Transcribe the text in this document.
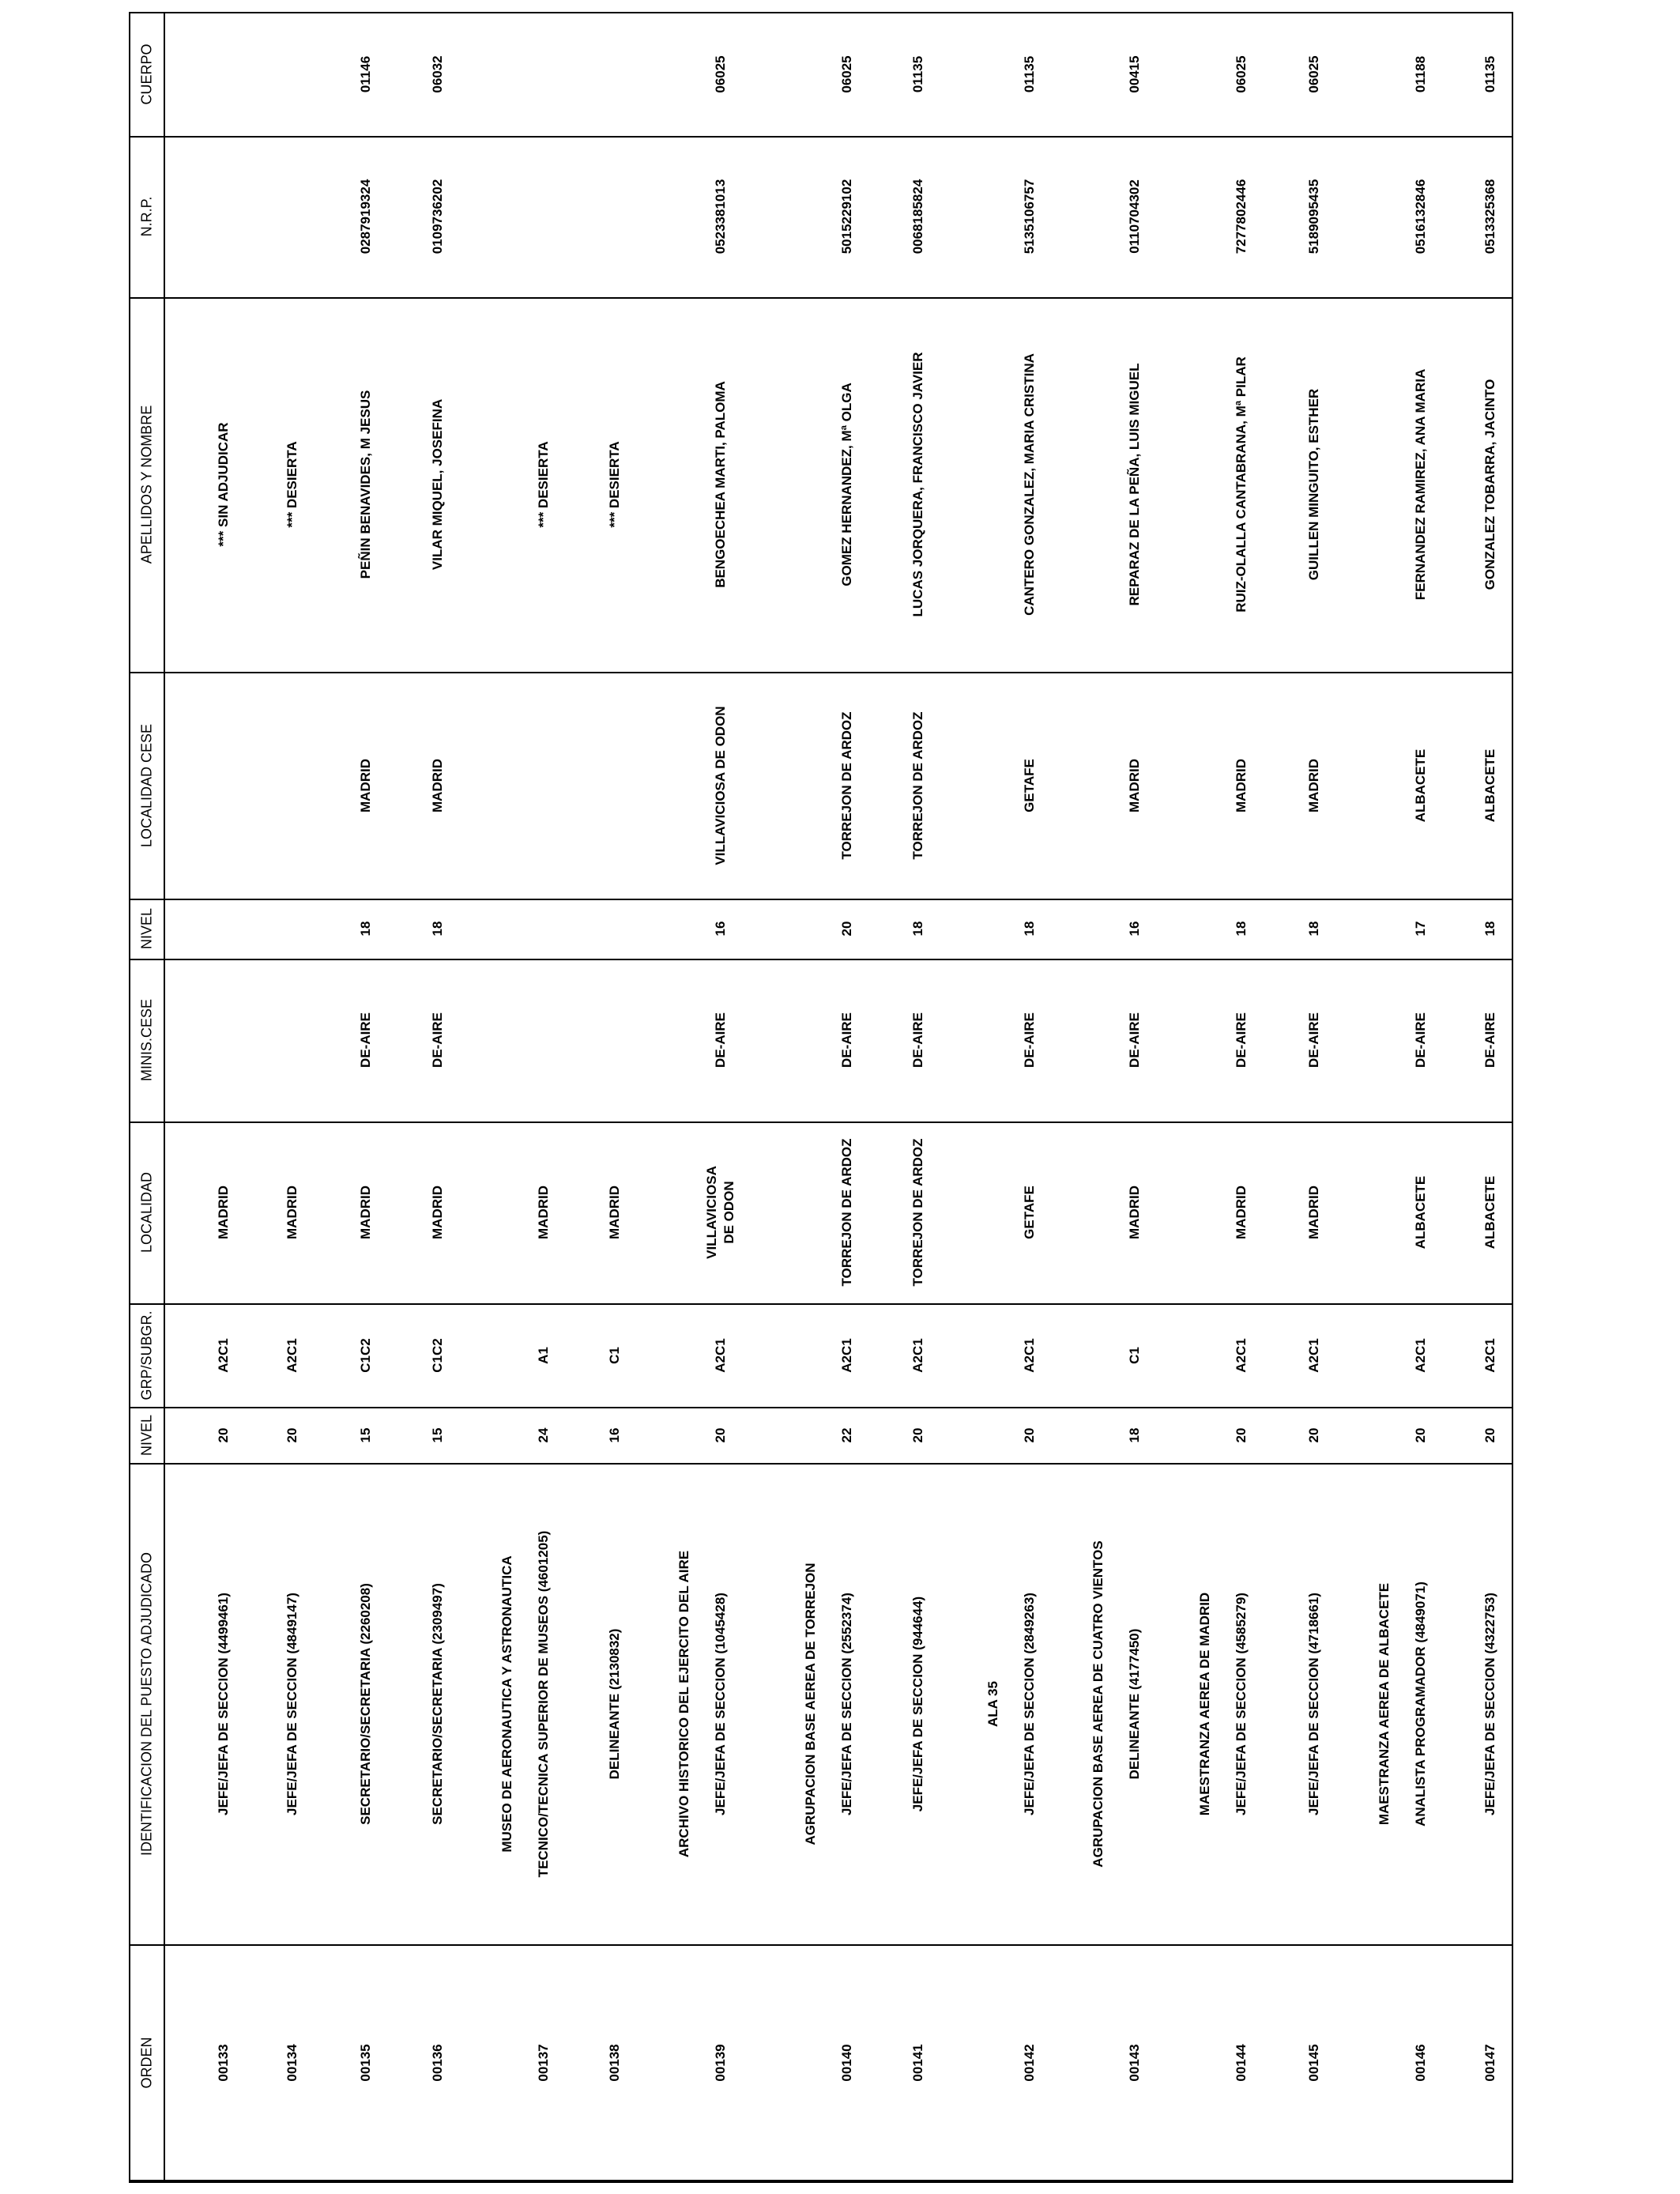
ORDEN
IDENTIFICACION DEL PUESTO ADJUDICADO
NIVEL
GRP/SUBGR.
LOCALIDAD
MINIS.CESE
NIVEL
LOCALIDAD CESE
APELLIDOS Y NOMBRE
N.R.P.
CUERPO
00133
JEFE/JEFA DE SECCION (4499461)
20
A2C1
MADRID
*** SIN ADJUDICAR
00134
JEFE/JEFA DE SECCION (4849147)
20
A2C1
MADRID
*** DESIERTA
00135
SECRETARIO/SECRETARIA (2260208)
15
C1C2
MADRID
DE-AIRE
18
MADRID
PEÑIN BENAVIDES, M JESUS
0287919324
01146
00136
SECRETARIO/SECRETARIA (2309497)
15
C1C2
MADRID
DE-AIRE
18
MADRID
VILAR MIQUEL, JOSEFINA
0109736202
06032
00137
MUSEO DE AERONAUTICA Y ASTRONAUTICA TECNICO/TECNICA SUPERIOR DE MUSEOS (4601205)
24
A1
MADRID
*** DESIERTA
00138
DELINEANTE (2130832)
16
C1
MADRID
*** DESIERTA
00139
ARCHIVO HISTORICO DEL EJERCITO DEL AIRE JEFE/JEFA DE SECCION (1045428)
20
A2C1
VILLAVICIOSA DE ODON
DE-AIRE
16
VILLAVICIOSA DE ODON
BENGOECHEA MARTI, PALOMA
0523381013
06025
00140
AGRUPACION BASE AEREA DE TORREJON JEFE/JEFA DE SECCION (2552374)
22
A2C1
TORREJON DE ARDOZ
DE-AIRE
20
TORREJON DE ARDOZ
GOMEZ HERNANDEZ, Mª OLGA
5015229102
06025
00141
JEFE/JEFA DE SECCION (944644)
20
A2C1
TORREJON DE ARDOZ
DE-AIRE
18
TORREJON DE ARDOZ
LUCAS JORQUERA, FRANCISCO JAVIER
0068185824
01135
00142
ALA 35 JEFE/JEFA DE SECCION (2849263)
20
A2C1
GETAFE
DE-AIRE
18
GETAFE
CANTERO GONZALEZ, MARIA CRISTINA
5135106757
01135
00143
AGRUPACION BASE AEREA DE CUATRO VIENTOS DELINEANTE (4177450)
18
C1
MADRID
DE-AIRE
16
MADRID
REPARAZ DE LA PEÑA, LUIS MIGUEL
0110704302
00415
00144
MAESTRANZA AEREA DE MADRID JEFE/JEFA DE SECCION (4585279)
20
A2C1
MADRID
DE-AIRE
18
MADRID
RUIZ-OLALLA CANTABRANA, Mª PILAR
7277802446
06025
00145
JEFE/JEFA DE SECCION (4718661)
20
A2C1
MADRID
DE-AIRE
18
MADRID
GUILLEN MINGUITO, ESTHER
5189095435
06025
00146
MAESTRANZA AEREA DE ALBACETE ANALISTA PROGRAMADOR (4849071)
20
A2C1
ALBACETE
DE-AIRE
17
ALBACETE
FERNANDEZ RAMIREZ, ANA MARIA
0516132846
01188
00147
JEFE/JEFA DE SECCION (4322753)
20
A2C1
ALBACETE
DE-AIRE
18
ALBACETE
GONZALEZ TOBARRA, JACINTO
0513325368
01135
